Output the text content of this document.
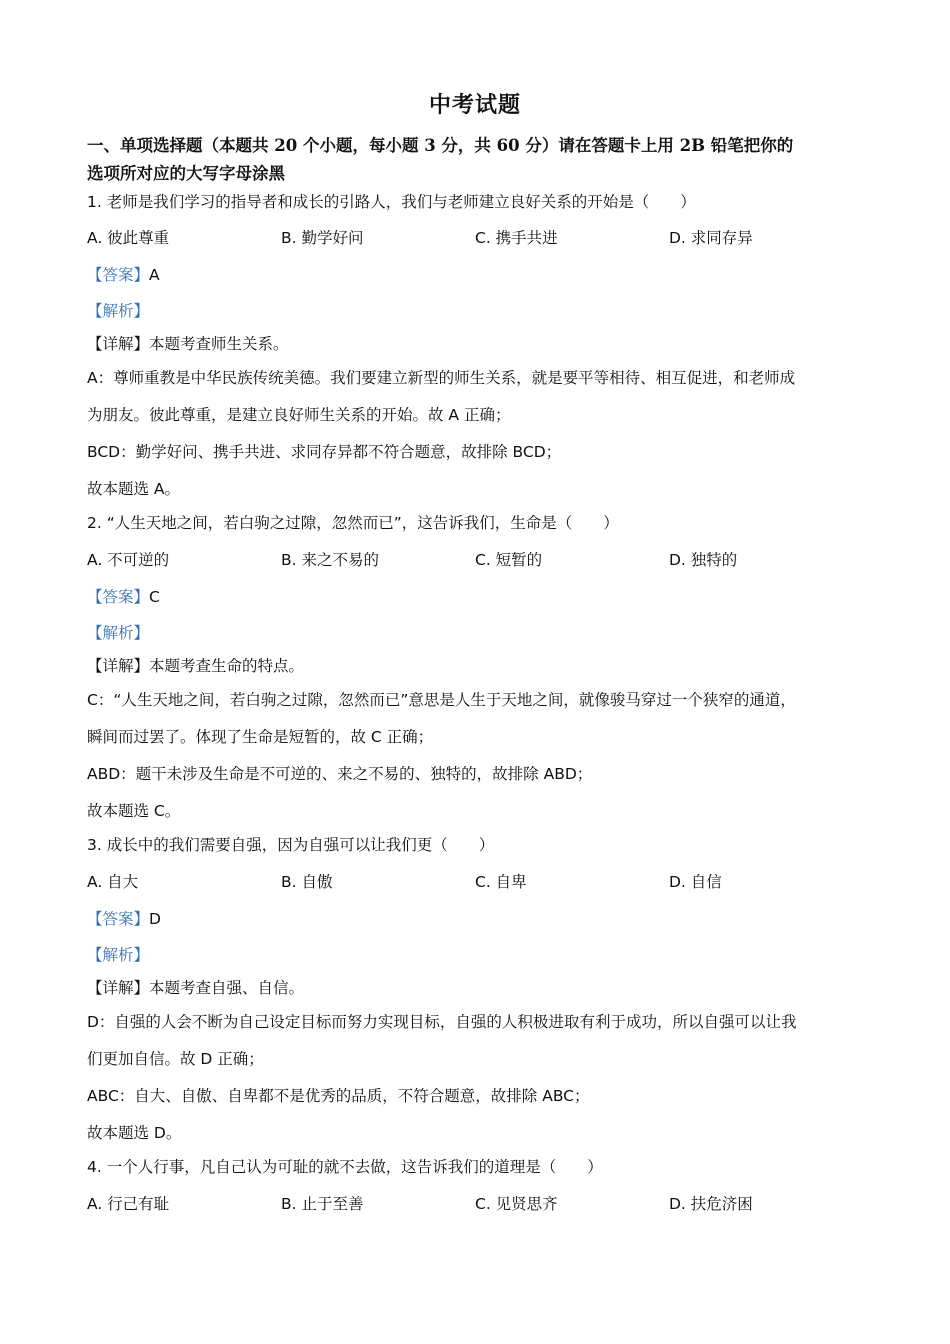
中考试题
一、单项选择题（本题共 20 个小题，每小题 3 分，共 60 分）请在答题卡上用 2B 铅笔把你的
选项所对应的大写字母涂黑
1. 老师是我们学习的指导者和成长的引路人，我们与老师建立良好关系的开始是（　　）
A. 彼此尊重	B. 勤学好问	C. 携手共进	D. 求同存异
【答案】A
【解析】
【详解】本题考查师生关系。
A：尊师重教是中华民族传统美德。我们要建立新型的师生关系，就是要平等相待、相互促进，和老师成
为朋友。彼此尊重，是建立良好师生关系的开始。故 A 正确；
BCD：勤学好问、携手共进、求同存异都不符合题意，故排除 BCD；
故本题选 A。
2. “人生天地之间，若白驹之过隙，忽然而已”，这告诉我们，生命是（　　）
A. 不可逆的	B. 来之不易的	C. 短暂的	D. 独特的
【答案】C
【解析】
【详解】本题考查生命的特点。
C：“人生天地之间，若白驹之过隙，忽然而已”意思是人生于天地之间，就像骏马穿过一个狭窄的通道，
瞬间而过罢了。体现了生命是短暂的，故 C 正确；
ABD：题干未涉及生命是不可逆的、来之不易的、独特的，故排除 ABD；
故本题选 C。
3. 成长中的我们需要自强，因为自强可以让我们更（　　）
A. 自大	B. 自傲	C. 自卑	D. 自信
【答案】D
【解析】
【详解】本题考查自强、自信。
D：自强的人会不断为自己设定目标而努力实现目标，自强的人积极进取有利于成功，所以自强可以让我
们更加自信。故 D 正确；
ABC：自大、自傲、自卑都不是优秀的品质，不符合题意，故排除 ABC；
故本题选 D。
4. 一个人行事，凡自己认为可耻的就不去做，这告诉我们的道理是（　　）
A. 行己有耻	B. 止于至善	C. 见贤思齐	D. 扶危济困
